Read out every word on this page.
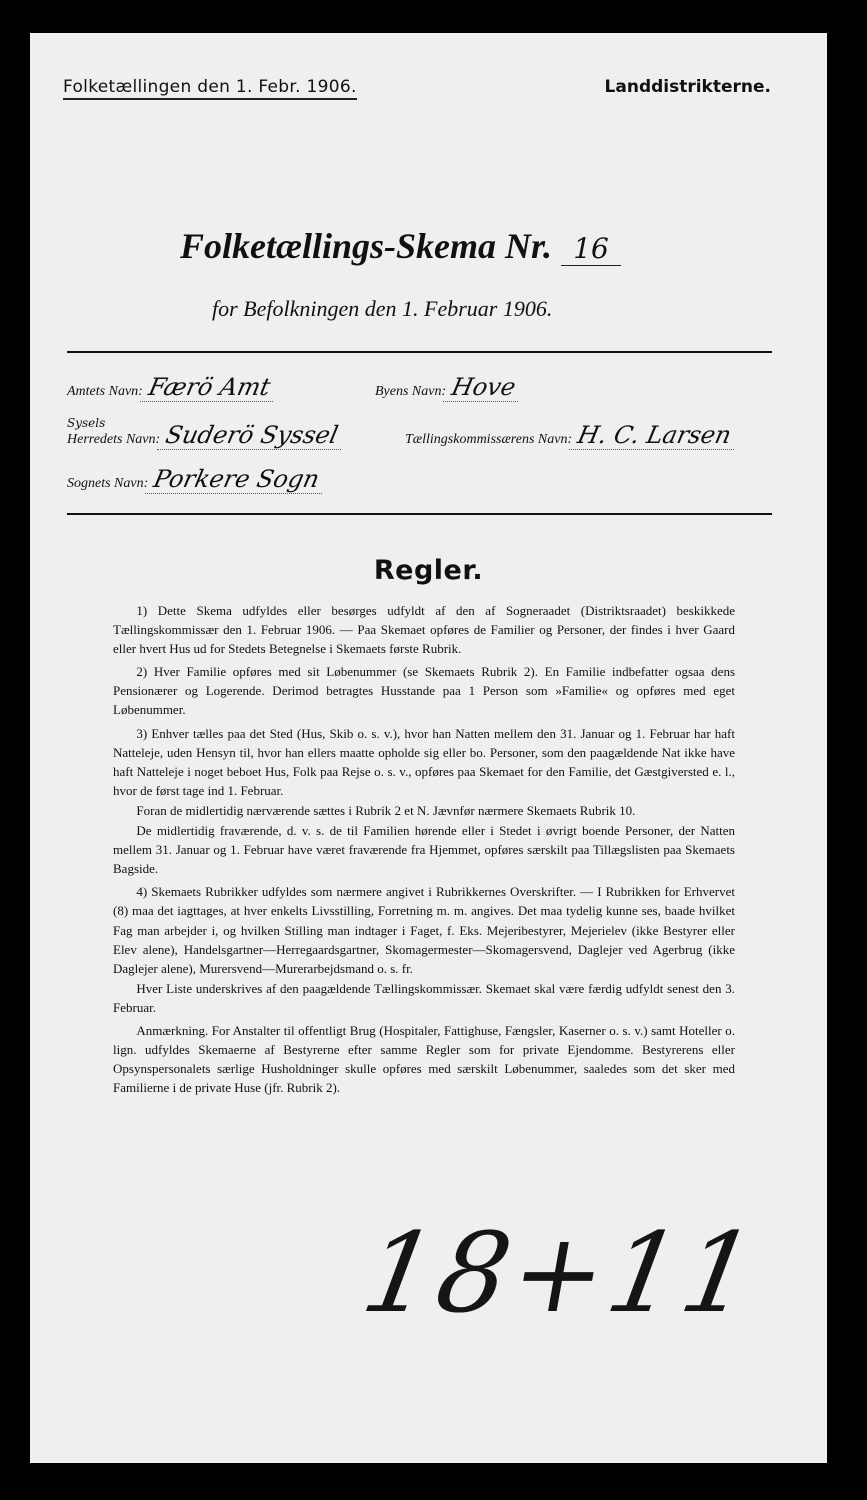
Folketællingen den 1. Febr. 1906.	Landdistrikterne.
Folketællings-Skema Nr. 16
for Befolkningen den 1. Februar 1906.
Amtets Navn: Færö Amt	Byens Navn: Hove
Sysels
Herredets Navn: Suderö Syssel	Tællingskommissærens Navn: H. C. Larsen
Sognets Navn: Porkere Sogn
Regler.

1) Dette Skema udfyldes eller besørges udfyldt af den af Sogneraadet (Distriktsraadet) beskikkede Tællingskommissær den 1. Februar 1906. — Paa Skemaet opføres de Familier og Personer, der findes i hver Gaard eller hvert Hus ud for Stedets Betegnelse i Skemaets første Rubrik.

2) Hver Familie opføres med sit Løbenummer (se Skemaets Rubrik 2). En Familie indbefatter ogsaa dens Pensionærer og Logerende. Derimod betragtes Husstande paa 1 Person som »Familie« og opføres med eget Løbenummer.

3) Enhver tælles paa det Sted (Hus, Skib o. s. v.), hvor han Natten mellem den 31. Januar og 1. Februar har haft Natteleje, uden Hensyn til, hvor han ellers maatte opholde sig eller bo. Personer, som den paagældende Nat ikke have haft Natteleje i noget beboet Hus, Folk paa Rejse o. s. v., opføres paa Skemaet for den Familie, det Gæstgiversted e. l., hvor de først tage ind 1. Februar.

Foran de midlertidig nærværende sættes i Rubrik 2 et N. Jævnfør nærmere Skemaets Rubrik 10.

De midlertidig fraværende, d. v. s. de til Familien hørende eller i Stedet i øvrigt boende Personer, der Natten mellem 31. Januar og 1. Februar have været fraværende fra Hjemmet, opføres særskilt paa Tillægslisten paa Skemaets Bagside.

4) Skemaets Rubrikker udfyldes som nærmere angivet i Rubrikkernes Overskrifter. — I Rubrikken for Erhvervet (8) maa det iagttages, at hver enkelts Livsstilling, Forretning m. m. angives. Det maa tydelig kunne ses, baade hvilket Fag man arbejder i, og hvilken Stilling man indtager i Faget, f. Eks. Mejeribestyrer, Mejerielev (ikke Bestyrer eller Elev alene), Handelsgartner—Herregaardsgartner, Skomagermester—Skomagersvend, Daglejer ved Agerbrug (ikke Daglejer alene), Murersvend—Murerarbejdsmand o. s. fr.

Hver Liste underskrives af den paagældende Tællingskommissær. Skemaet skal være færdig udfyldt senest den 3. Februar.

Anmærkning. For Anstalter til offentligt Brug (Hospitaler, Fattighuse, Fængsler, Kaserner o. s. v.) samt Hoteller o. lign. udfyldes Skemaerne af Bestyrerne efter samme Regler som for private Ejendomme. Bestyrerens eller Opsynspersonalets særlige Husholdninger skulle opføres med særskilt Løbenummer, saaledes som det sker med Familierne i de private Huse (jfr. Rubrik 2).

18+11
